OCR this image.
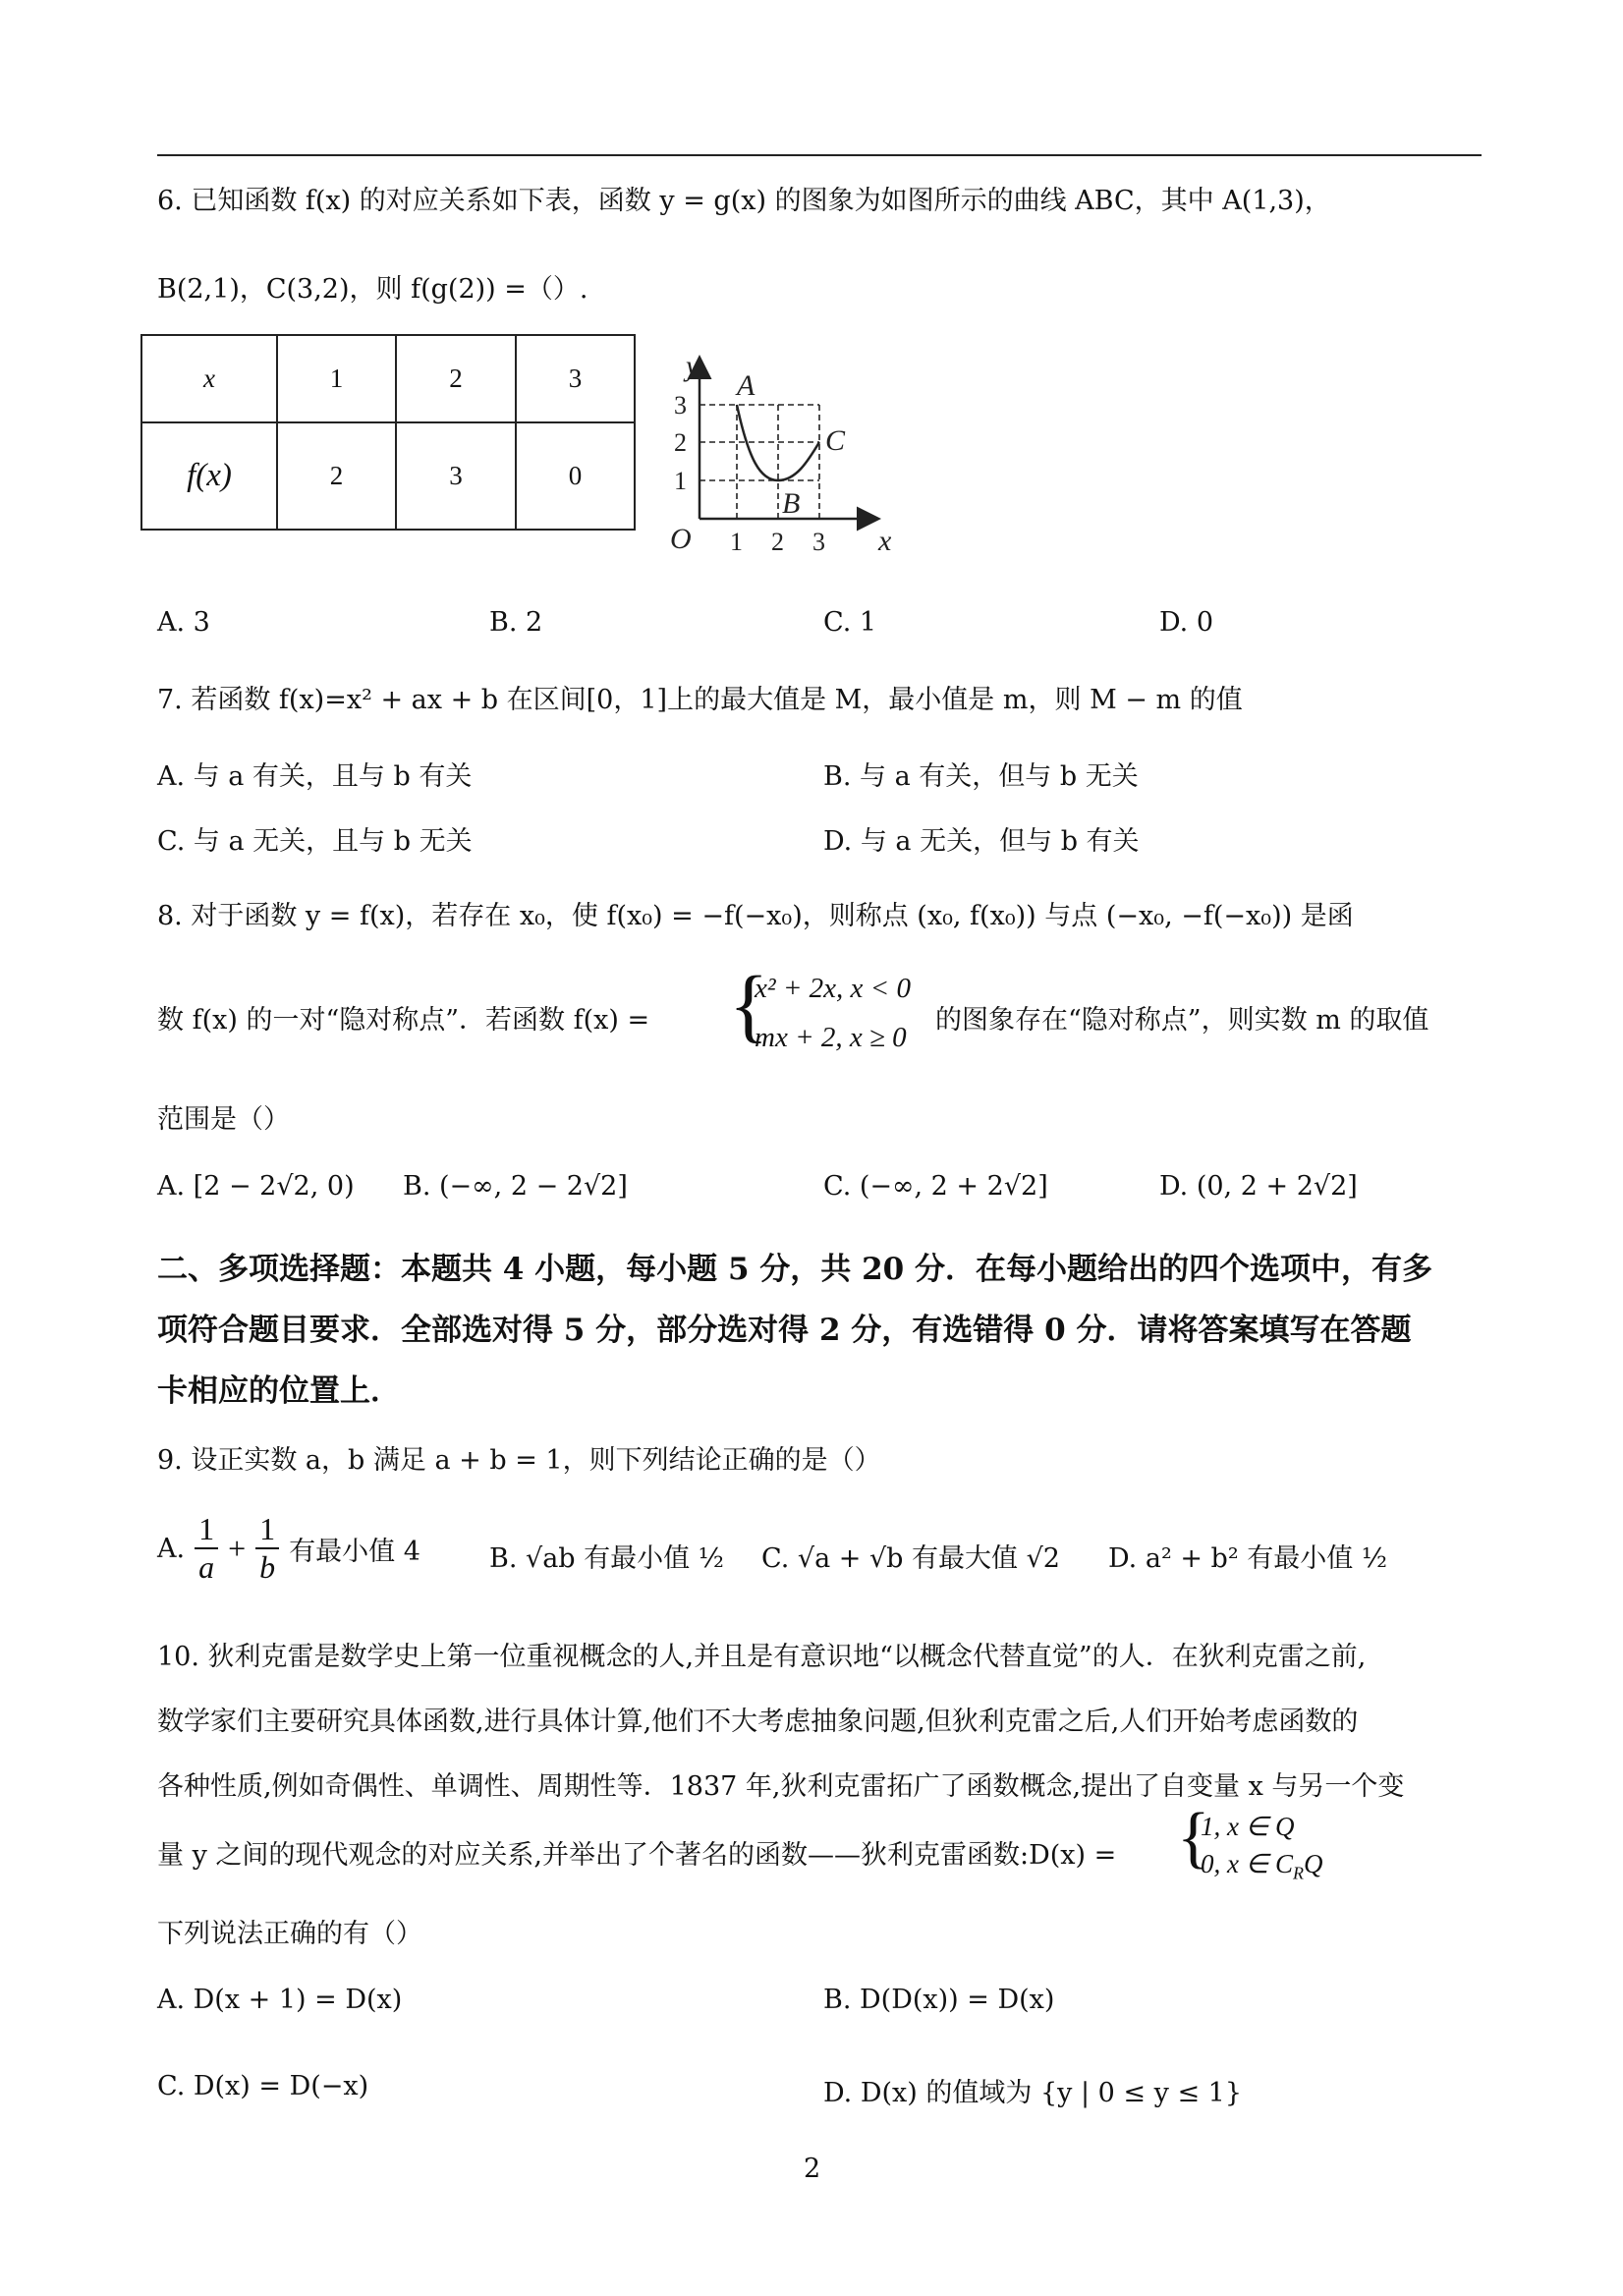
6. 已知函数 f(x) 的对应关系如下表，函数 y = g(x) 的图象为如图所示的曲线 ABC，其中 A(1,3)，
B(2,1)，C(3,2)，则 f(g(2)) =（）.
x	1	2	3
f(x)	2	3	0
y
x
O
A
B
C
3
2
1
1 2 3
A. 3	B. 2	C. 1	D. 0
7. 若函数 f(x)=x² + ax + b 在区间[0，1]上的最大值是 M，最小值是 m，则 M − m 的值
A. 与 a 有关，且与 b 有关	B. 与 a 有关，但与 b 无关
C. 与 a 无关，且与 b 无关	D. 与 a 无关，但与 b 有关
8. 对于函数 y = f(x)，若存在 x₀，使 f(x₀) = −f(−x₀)，则称点 (x₀, f(x₀)) 与点 (−x₀, −f(−x₀)) 是函
数 f(x) 的一对“隐对称点”．若函数 f(x) = {
x² + 2x, x < 0
mx + 2, x ≥ 0
的图象存在“隐对称点”，则实数 m 的取值
范围是（）
A. [2 − 2√2, 0) B. (−∞, 2 − 2√2]	C. (−∞, 2 + 2√2]	D. (0, 2 + 2√2]
二、多项选择题：本题共 4 小题，每小题 5 分，共 20 分．在每小题给出的四个选项中，有多
项符合题目要求．全部选对得 5 分，部分选对得 2 分，有选错得 0 分．请将答案填写在答题
卡相应的位置上．
9. 设正实数 a，b 满足 a + b = 1，则下列结论正确的是（）
A. $\frac{1}{a} + \frac{1}{b}$ 有最小值 4	B. √ab 有最小值 ½ C. √a + √b 有最大值 √2 D. a² + b² 有最小值 ½
10. 狄利克雷是数学史上第一位重视概念的人,并且是有意识地“以概念代替直觉”的人．在狄利克雷之前,
数学家们主要研究具体函数,进行具体计算,他们不大考虑抽象问题,但狄利克雷之后,人们开始考虑函数的
各种性质,例如奇偶性、单调性、周期性等．1837 年,狄利克雷拓广了函数概念,提出了自变量 x 与另一个变
量 y 之间的现代观念的对应关系,并举出了个著名的函数——狄利克雷函数:D(x) = {
1, x ∈ Q
0, x ∈ $C_RQ$
下列说法正确的有（）
A. D(x + 1) = D(x)	B. D(D(x)) = D(x)
C. D(x) = D(−x)	D. D(x) 的值域为 {y | 0 ≤ y ≤ 1}
2
